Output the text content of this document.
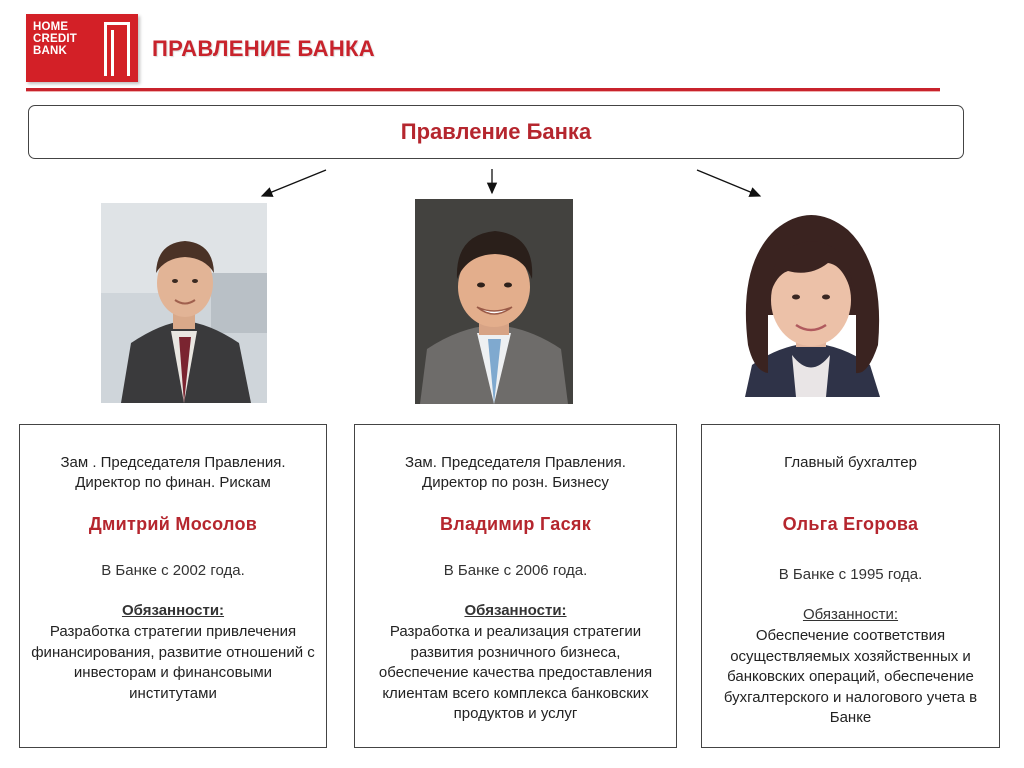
HOME
CREDIT
BANK	ПРАВЛЕНИЕ БАНКА
Правление Банка
Зам . Председателя Правления.
Директор по финан. Рискам
Дмитрий Мосолов
В Банке с 2002 года.
Обязанности:
Разработка стратегии привлечения финансирования, развитие отношений с инвесторам и финансовыми институтами
Зам. Председателя Правления.
Директор по розн. Бизнесу
Владимир Гасяк
В Банке с 2006 года.
Обязанности:
Разработка и реализация стратегии развития розничного бизнеса, обеспечение качества предоставления клиентам всего комплекса банковских продуктов и услуг
Главный бухгалтер
Ольга Егорова
В Банке с 1995 года.
Обязанности:
Обеспечение соответствия осуществляемых хозяйственных и банковских операций, обеспечение бухгалтерского и налогового учета в Банке
